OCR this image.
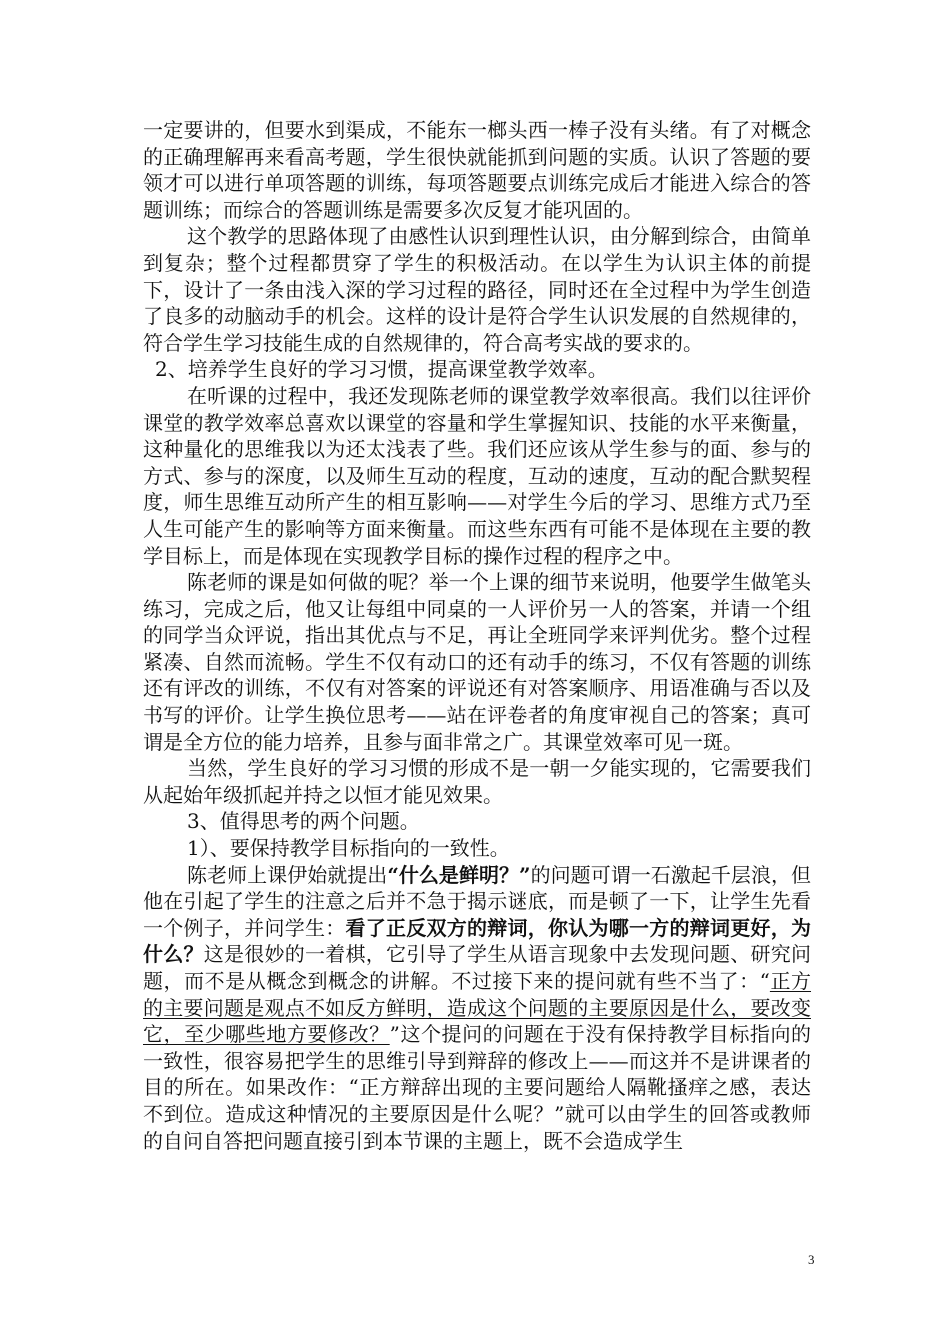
一定要讲的，但要水到渠成，不能东一榔头西一棒子没有头绪。有了对概念的正确理解再来看高考题，学生很快就能抓到问题的实质。认识了答题的要领才可以进行单项答题的训练，每项答题要点训练完成后才能进入综合的答题训练；而综合的答题训练是需要多次反复才能巩固的。

这个教学的思路体现了由感性认识到理性认识，由分解到综合，由简单到复杂；整个过程都贯穿了学生的积极活动。在以学生为认识主体的前提下，设计了一条由浅入深的学习过程的路径，同时还在全过程中为学生创造了良多的动脑动手的机会。这样的设计是符合学生认识发展的自然规律的，符合学生学习技能生成的自然规律的，符合高考实战的要求的。

2、培养学生良好的学习习惯，提高课堂教学效率。

在听课的过程中，我还发现陈老师的课堂教学效率很高。我们以往评价课堂的教学效率总喜欢以课堂的容量和学生掌握知识、技能的水平来衡量，这种量化的思维我以为还太浅表了些。我们还应该从学生参与的面、参与的方式、参与的深度，以及师生互动的程度，互动的速度，互动的配合默契程度，师生思维互动所产生的相互影响——对学生今后的学习、思维方式乃至人生可能产生的影响等方面来衡量。而这些东西有可能不是体现在主要的教学目标上，而是体现在实现教学目标的操作过程的程序之中。

陈老师的课是如何做的呢？举一个上课的细节来说明，他要学生做笔头练习，完成之后，他又让每组中同桌的一人评价另一人的答案，并请一个组的同学当众评说，指出其优点与不足，再让全班同学来评判优劣。整个过程紧凑、自然而流畅。学生不仅有动口的还有动手的练习，不仅有答题的训练还有评改的训练，不仅有对答案的评说还有对答案顺序、用语准确与否以及书写的评价。让学生换位思考——站在评卷者的角度审视自己的答案；真可谓是全方位的能力培养，且参与面非常之广。其课堂效率可见一斑。

当然，学生良好的学习习惯的形成不是一朝一夕能实现的，它需要我们从起始年级抓起并持之以恒才能见效果。

3、值得思考的两个问题。

1）、要保持教学目标指向的一致性。

陈老师上课伊始就提出“什么是鲜明？”的问题可谓一石激起千层浪，但他在引起了学生的注意之后并不急于揭示谜底，而是顿了一下，让学生先看一个例子，并问学生：看了正反双方的辩词，你认为哪一方的辩词更好，为什么？这是很妙的一着棋，它引导了学生从语言现象中去发现问题、研究问题，而不是从概念到概念的讲解。不过接下来的提问就有些不当了：“正方的主要问题是观点不如反方鲜明，造成这个问题的主要原因是什么，要改变它，至少哪些地方要修改？”这个提问的问题在于没有保持教学目标指向的一致性，很容易把学生的思维引导到辩辞的修改上——而这并不是讲课者的目的所在。如果改作：“正方辩辞出现的主要问题给人隔靴搔痒之感，表达不到位。造成这种情况的主要原因是什么呢？”就可以由学生的回答或教师的自问自答把问题直接引到本节课的主题上，既不会造成学生

3
